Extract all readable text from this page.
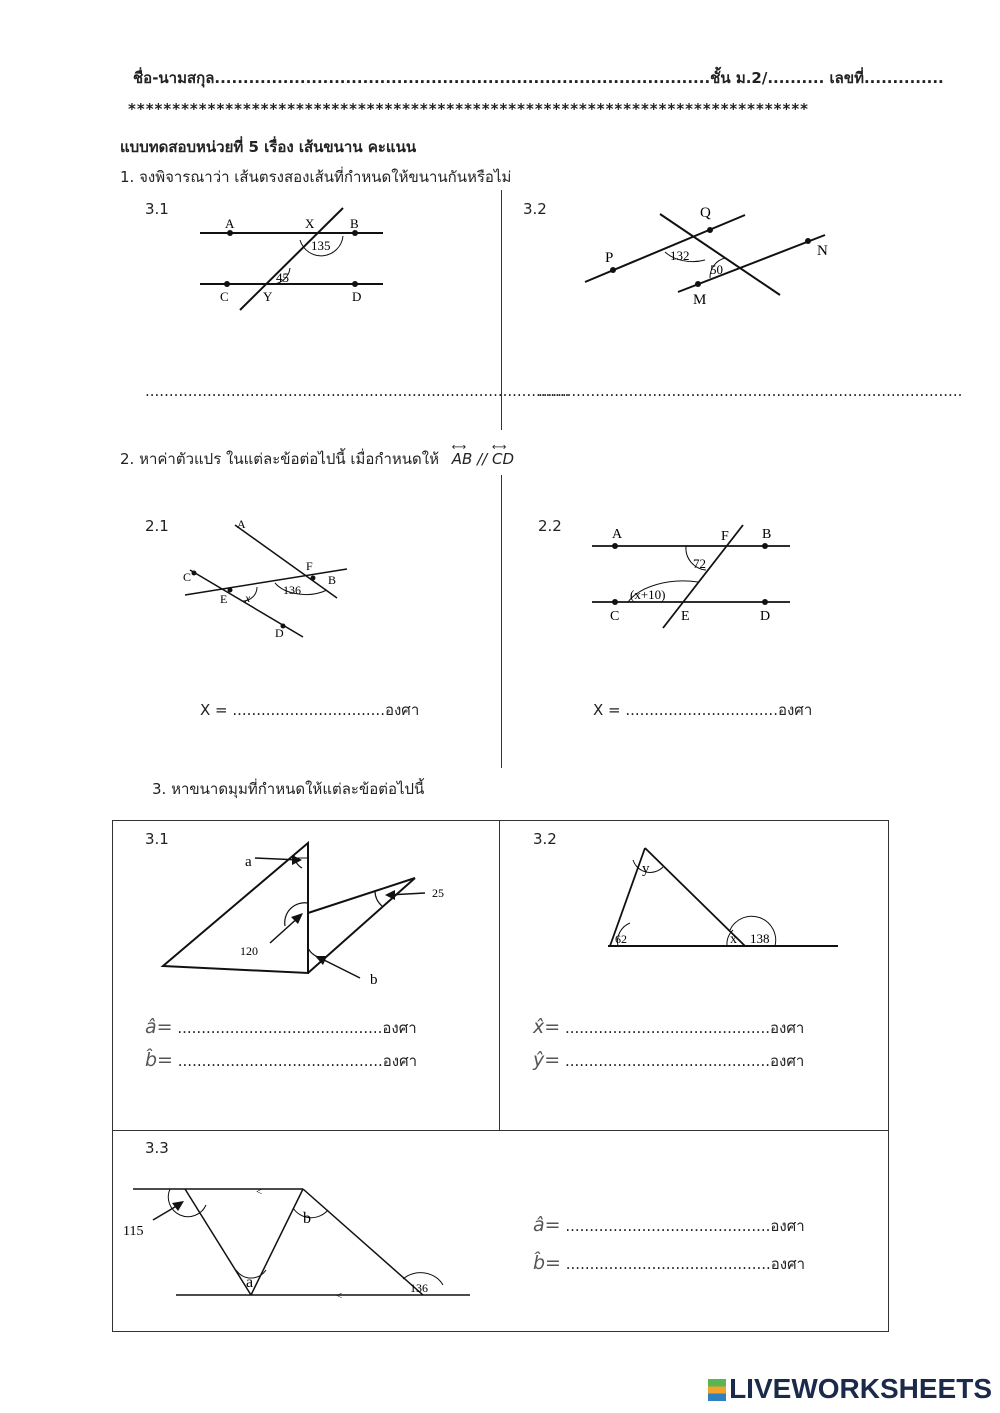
ชื่อ-นามสกุล.......................................................................................ชั้น ม.2/.......... เลขที่..............
*****************************************************************************
แบบทดสอบหน่วยที่ 5 เรื่อง เส้นขนาน คะแนน
1. จงพิจารณาว่า เส้นตรงสองเส้นที่กำหนดให้ขนานกันหรือไม่
3.1	3.2
A	X	B
C	Y	D
135
45
Q
P	N
M
132
50
.........................................................................................
.........................................................................................
2. หาค่าตัวแปร ในแต่ละข้อต่อไปนี้ เมื่อกำหนดให้
⟷
AB //
⟷
CD
2.1	2.2
A
C
F
E
B
D
x
136
A	F B
C	E	D
72
(x+10)
X = ................................องศา	X = ................................องศา
3. หาขนาดมุมที่กำหนดให้แต่ละข้อต่อไปนี้
3.1
a
b
120
25
â= ...........................................องศา
b̂= ...........................................องศา
3.2
y
x
62	138
x̂= ...........................................องศา
ŷ= ...........................................องศา
3.3
<
<
b
a
115
136
â= ...........................................องศา
b̂= ...........................................องศา
LIVEWORKSHEETS
